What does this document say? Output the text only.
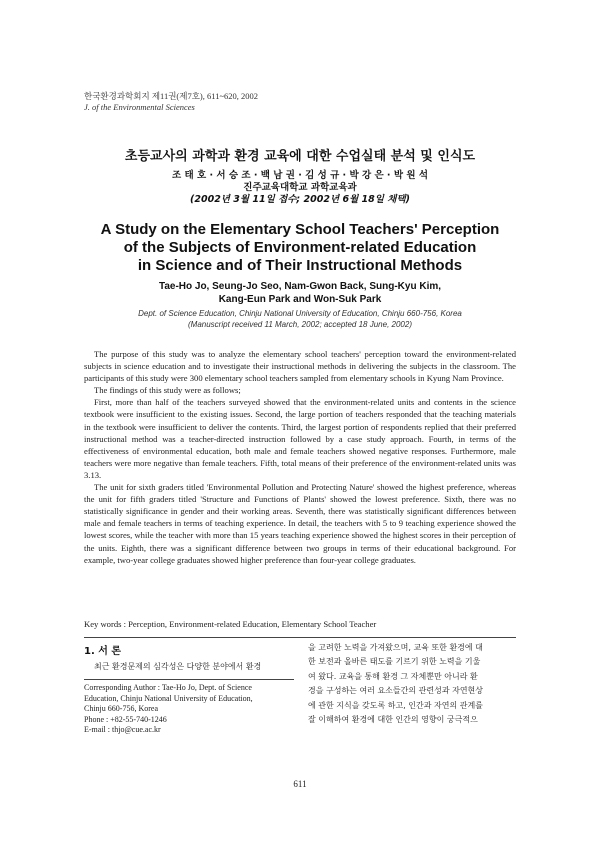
한국환경과학회지 제11권(제7호), 611~620, 2002
J. of the Environmental Sciences
초등교사의 과학과 환경 교육에 대한 수업실태 분석 및 인식도
조 태 호 · 서 승 조 · 백 남 권 · 김 성 규 · 박 강 은 · 박 원 석
진주교육대학교 과학교육과
(2002년 3월 11일 접수; 2002년 6월 18일 채택)
A Study on the Elementary School Teachers' Perception
of the Subjects of Environment-related Education
in Science and of Their Instructional Methods
Tae-Ho Jo, Seung-Jo Seo, Nam-Gwon Back, Sung-Kyu Kim,
Kang-Eun Park and Won-Suk Park
Dept. of Science Education, Chinju National University of Education, Chinju 660-756, Korea
(Manuscript received 11 March, 2002; accepted 18 June, 2002)

The purpose of this study was to analyze the elementary school teachers' perception toward the environment-related subjects in science education and to investigate their instructional methods in delivering the subjects in the classroom. The participants of this study were 300 elementary school teachers sampled from elementary schools in Kyung Nam Province.

The findings of this study were as follows;

First, more than half of the teachers surveyed showed that the environment-related units and contents in the science textbook were insufficient to the existing issues. Second, the large portion of teachers responded that the teaching materials in the textbook were insufficient to deliver the contents. Third, the largest portion of respondents replied that their preferred instructional method was a teacher-directed instruction followed by a case study approach. Fourth, in terms of the effectiveness of environmental education, both male and female teachers showed negative responses. Furthermore, male teachers were more negative than female teachers. Fifth, total means of their preference of the environment-related units was 3.13.

The unit for sixth graders titled 'Environmental Pollution and Protecting Nature' showed the highest preference, whereas the unit for fifth graders titled 'Structure and Functions of Plants' showed the lowest preference. Sixth, there was no statistically significance in gender and their working areas. Seventh, there was statistically significant differences between male and female teachers in terms of teaching experience. In detail, the teachers with 5 to 9 teaching experience showed the lowest scores, while the teacher with more than 15 years teaching experience showed the highest scores in their perception of the units. Eighth, there was a significant difference between two groups in terms of their educational background. For example, two-year college graduates showed higher preference than four-year college graduates.

Key words : Perception, Environment-related Education, Elementary School Teacher
1. 서 론
최근 환경문제의 심각성은 다양한 분야에서 환경
Corresponding Author : Tae-Ho Jo, Dept. of Science
Education, Chinju National University of Education,
Chinju 660-756, Korea
Phone : +82-55-740-1246
E-mail : thjo@cue.ac.kr
을 고려한 노력을 가져왔으며, 교육 또한 환경에 대
한 보전과 올바른 태도를 기르기 위한 노력을 기울
여 왔다. 교육을 통해 환경 그 자체뿐만 아니라 환
경을 구성하는 여러 요소들간의 관련성과 자연현상
에 관한 지식을 갖도록 하고, 인간과 자연의 관계를
잘 이해하여 환경에 대한 인간의 영향이 궁극적으
611
